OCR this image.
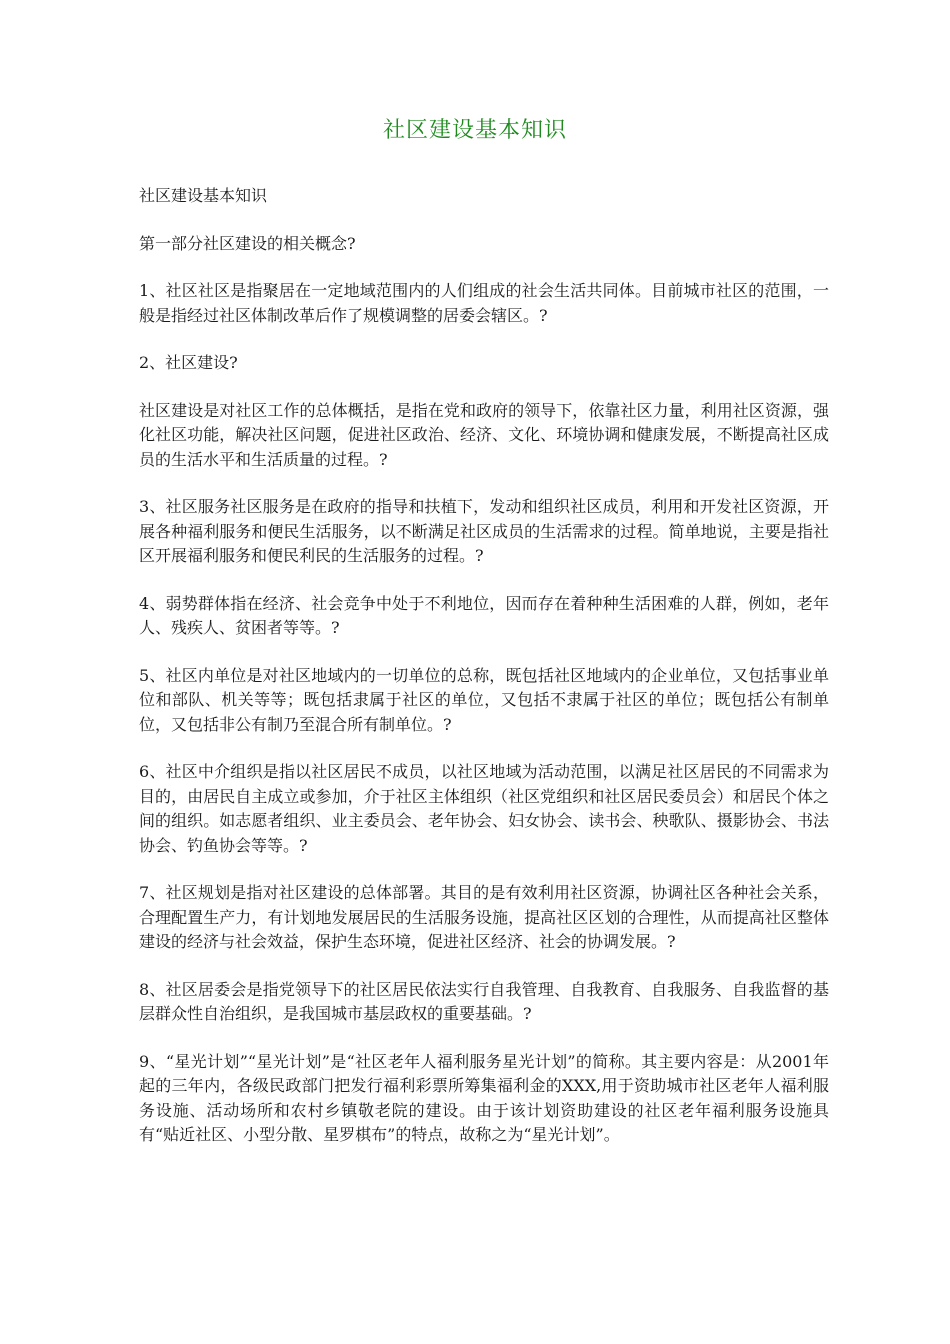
社区建设基本知识

社区建设基本知识

第一部分社区建设的相关概念?

1、社区社区是指聚居在一定地域范围内的人们组成的社会生活共同体。目前城市社区的范围，一般是指经过社区体制改革后作了规模调整的居委会辖区。?

2、社区建设?

社区建设是对社区工作的总体概括，是指在党和政府的领导下，依靠社区力量，利用社区资源，强化社区功能，解决社区问题，促进社区政治、经济、文化、环境协调和健康发展，不断提高社区成员的生活水平和生活质量的过程。?

3、社区服务社区服务是在政府的指导和扶植下，发动和组织社区成员，利用和开发社区资源，开展各种福利服务和便民生活服务，以不断满足社区成员的生活需求的过程。简单地说，主要是指社区开展福利服务和便民利民的生活服务的过程。?

4、弱势群体指在经济、社会竞争中处于不利地位，因而存在着种种生活困难的人群，例如，老年人、残疾人、贫困者等等。?

5、社区内单位是对社区地域内的一切单位的总称，既包括社区地域内的企业单位，又包括事业单位和部队、机关等等；既包括隶属于社区的单位，又包括不隶属于社区的单位；既包括公有制单位，又包括非公有制乃至混合所有制单位。?

6、社区中介组织是指以社区居民不成员，以社区地域为活动范围，以满足社区居民的不同需求为目的，由居民自主成立或参加，介于社区主体组织（社区党组织和社区居民委员会）和居民个体之间的组织。如志愿者组织、业主委员会、老年协会、妇女协会、读书会、秧歌队、摄影协会、书法协会、钓鱼协会等等。?

7、社区规划是指对社区建设的总体部署。其目的是有效利用社区资源，协调社区各种社会关系，合理配置生产力，有计划地发展居民的生活服务设施，提高社区区划的合理性，从而提高社区整体建设的经济与社会效益，保护生态环境，促进社区经济、社会的协调发展。?

8、社区居委会是指党领导下的社区居民依法实行自我管理、自我教育、自我服务、自我监督的基层群众性自治组织，是我国城市基层政权的重要基础。?

9、“星光计划”“星光计划”是“社区老年人福利服务星光计划”的简称。其主要内容是：从2001年起的三年内，各级民政部门把发行福利彩票所筹集福利金的XXX,用于资助城市社区老年人福利服务设施、活动场所和农村乡镇敬老院的建设。由于该计划资助建设的社区老年福利服务设施具有“贴近社区、小型分散、星罗棋布”的特点，故称之为“星光计划”。
